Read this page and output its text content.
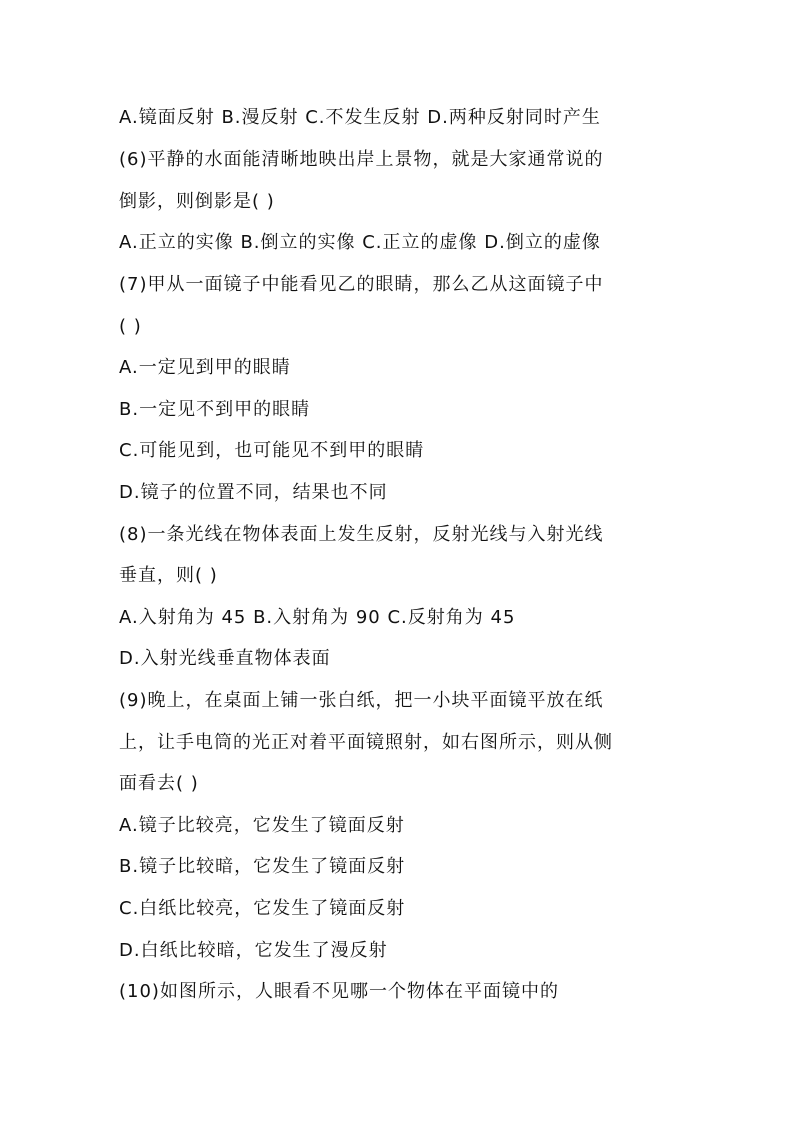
A.镜面反射 B.漫反射 C.不发生反射 D.两种反射同时产生
(6)平静的水面能清晰地映出岸上景物，就是大家通常说的
倒影，则倒影是( )
A.正立的实像 B.倒立的实像 C.正立的虚像 D.倒立的虚像
(7)甲从一面镜子中能看见乙的眼睛，那么乙从这面镜子中
( )
A.一定见到甲的眼睛
B.一定见不到甲的眼睛
C.可能见到，也可能见不到甲的眼睛
D.镜子的位置不同，结果也不同
(8)一条光线在物体表面上发生反射，反射光线与入射光线
垂直，则( )
A.入射角为 45 B.入射角为 90 C.反射角为 45
D.入射光线垂直物体表面
(9)晚上，在桌面上铺一张白纸，把一小块平面镜平放在纸
上，让手电筒的光正对着平面镜照射，如右图所示，则从侧
面看去( )
A.镜子比较亮，它发生了镜面反射
B.镜子比较暗，它发生了镜面反射
C.白纸比较亮，它发生了镜面反射
D.白纸比较暗，它发生了漫反射
(10)如图所示，人眼看不见哪一个物体在平面镜中的
